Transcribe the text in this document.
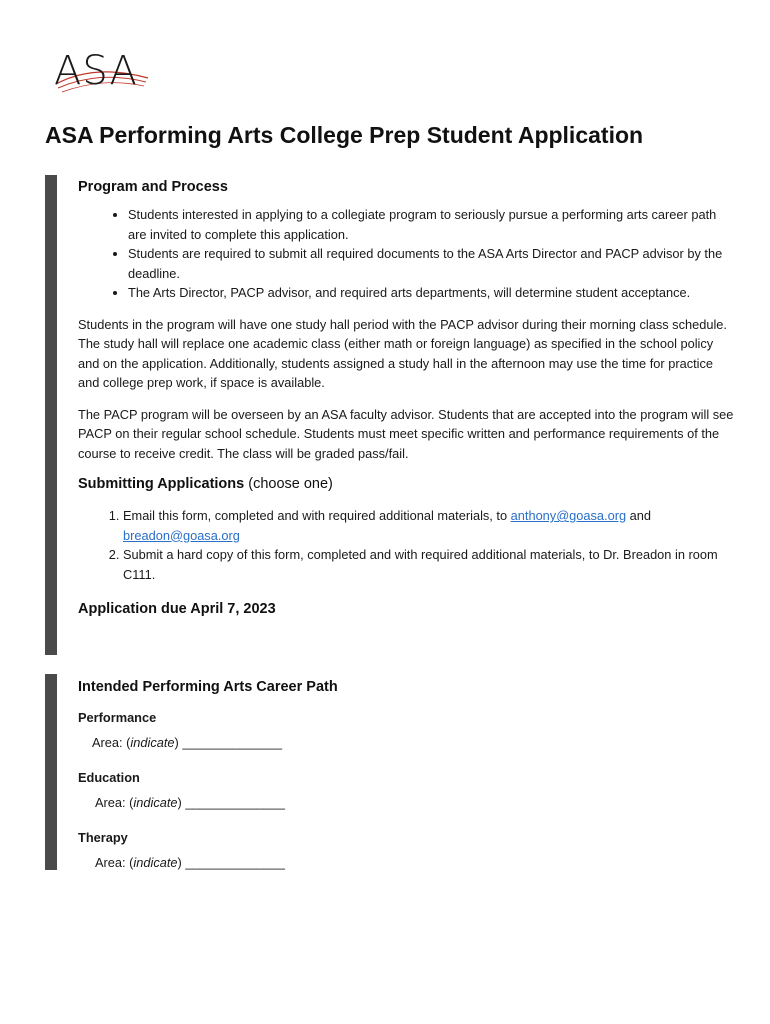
ASA
ASA Performing Arts College Prep Student Application
Program and Process
• Students interested in applying to a collegiate program to seriously pursue a performing arts career path are invited to complete this application.
• Students are required to submit all required documents to the ASA Arts Director and PACP advisor by the deadline.
• The Arts Director, PACP advisor, and required arts departments, will determine student acceptance.

Students in the program will have one study hall period with the PACP advisor during their morning class schedule. The study hall will replace one academic class (either math or foreign language) as specified in the school policy and on the application. Additionally, students assigned a study hall in the afternoon may use the time for practice and college prep work, if space is available.

The PACP program will be overseen by an ASA faculty advisor. Students that are accepted into the program will see PACP on their regular school schedule. Students must meet specific written and performance requirements of the course to receive credit. The class will be graded pass/fail.

Submitting Applications (choose one)
1. Email this form, completed and with required additional materials, to anthony@goasa.org and breadon@goasa.org
2. Submit a hard copy of this form, completed and with required additional materials, to Dr. Breadon in room C111.
Application due April 7, 2023
Intended Performing Arts Career Path

Performance

Area: (indicate) ______________

Education

Area: (indicate) ______________

Therapy

Area: (indicate) ______________
